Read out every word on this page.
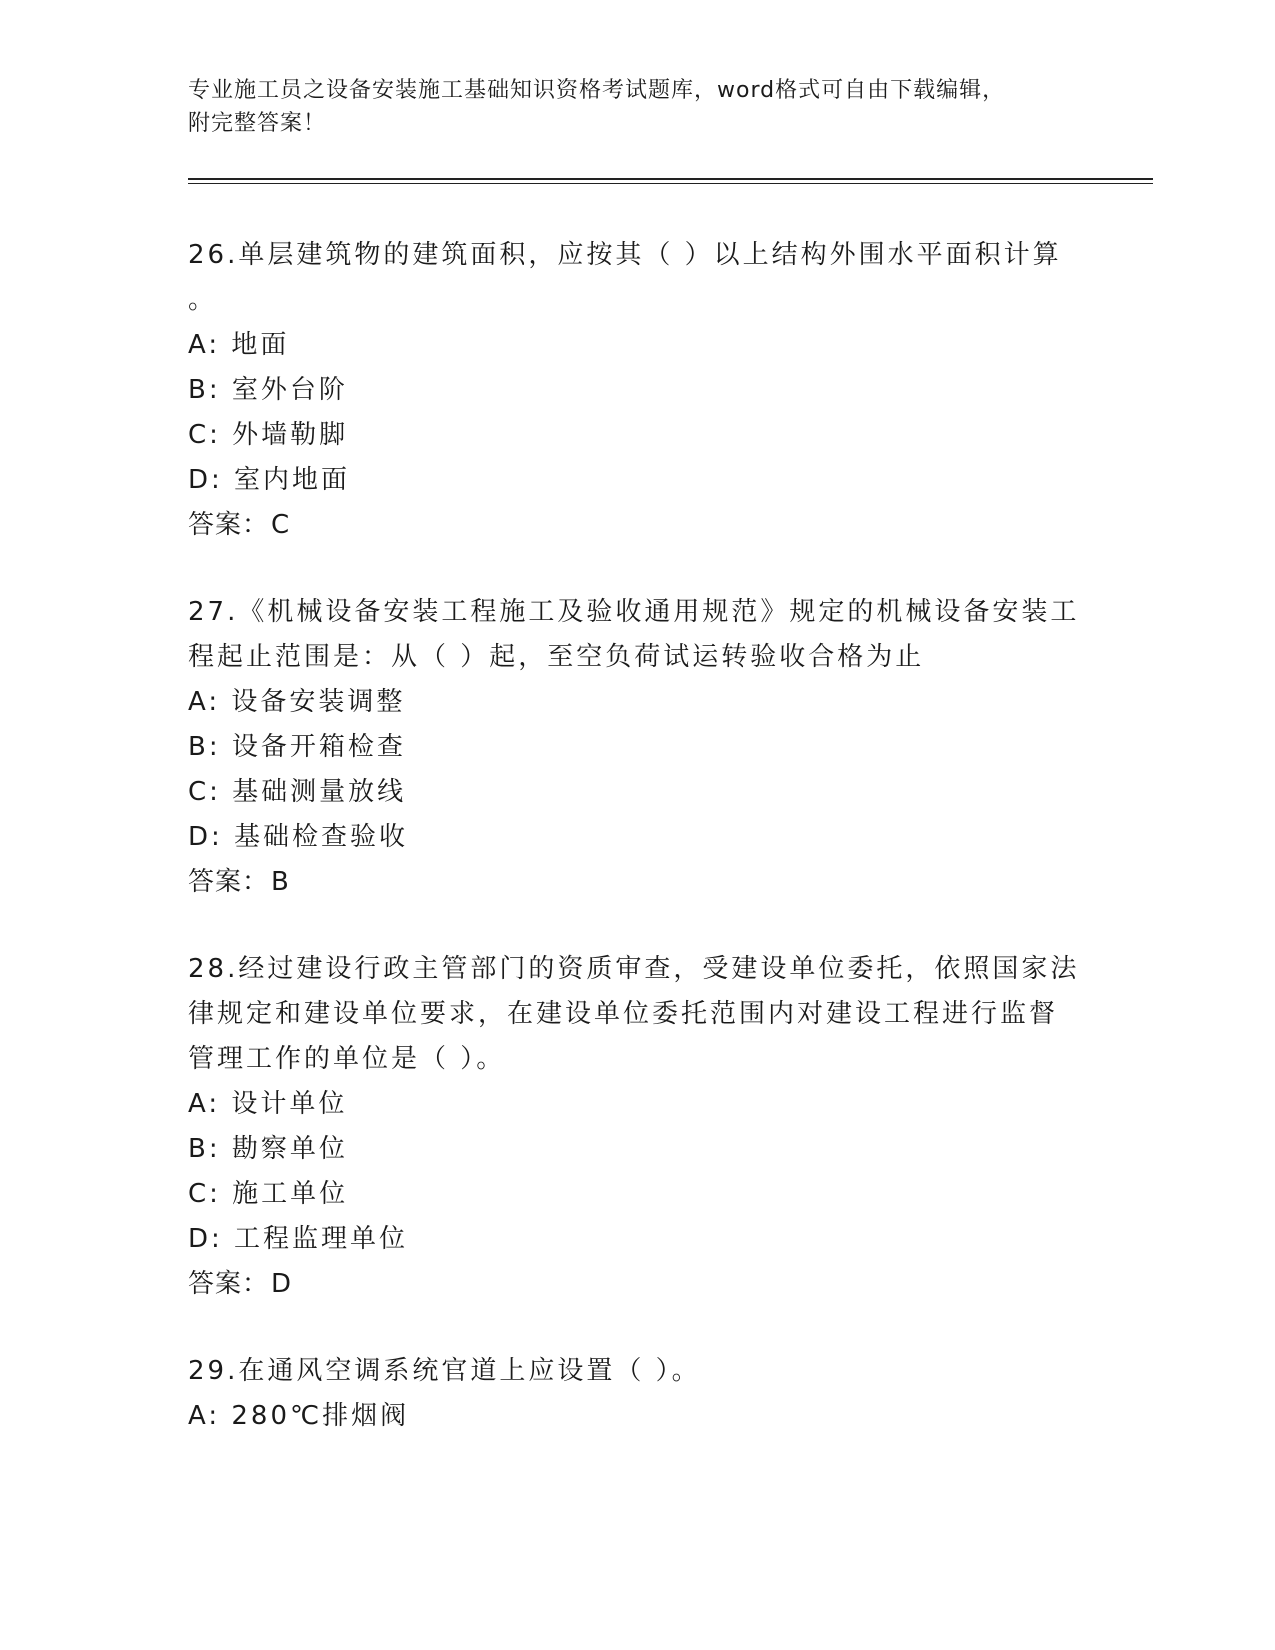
专业施工员之设备安装施工基础知识资格考试题库，word格式可自由下载编辑，
附完整答案！
26.单层建筑物的建筑面积，应按其（ ）以上结构外围水平面积计算
。
A: 地面
B: 室外台阶
C: 外墙勒脚
D: 室内地面
答案：C
27.《机械设备安装工程施工及验收通用规范》规定的机械设备安装工
程起止范围是：从（ ）起，至空负荷试运转验收合格为止
A: 设备安装调整
B: 设备开箱检查
C: 基础测量放线
D: 基础检查验收
答案：B
28.经过建设行政主管部门的资质审查，受建设单位委托，依照国家法
律规定和建设单位要求，在建设单位委托范围内对建设工程进行监督
管理工作的单位是（ ）。
A: 设计单位
B: 勘察单位
C: 施工单位
D: 工程监理单位
答案：D
29.在通风空调系统官道上应设置（ ）。
A: 280℃排烟阀
